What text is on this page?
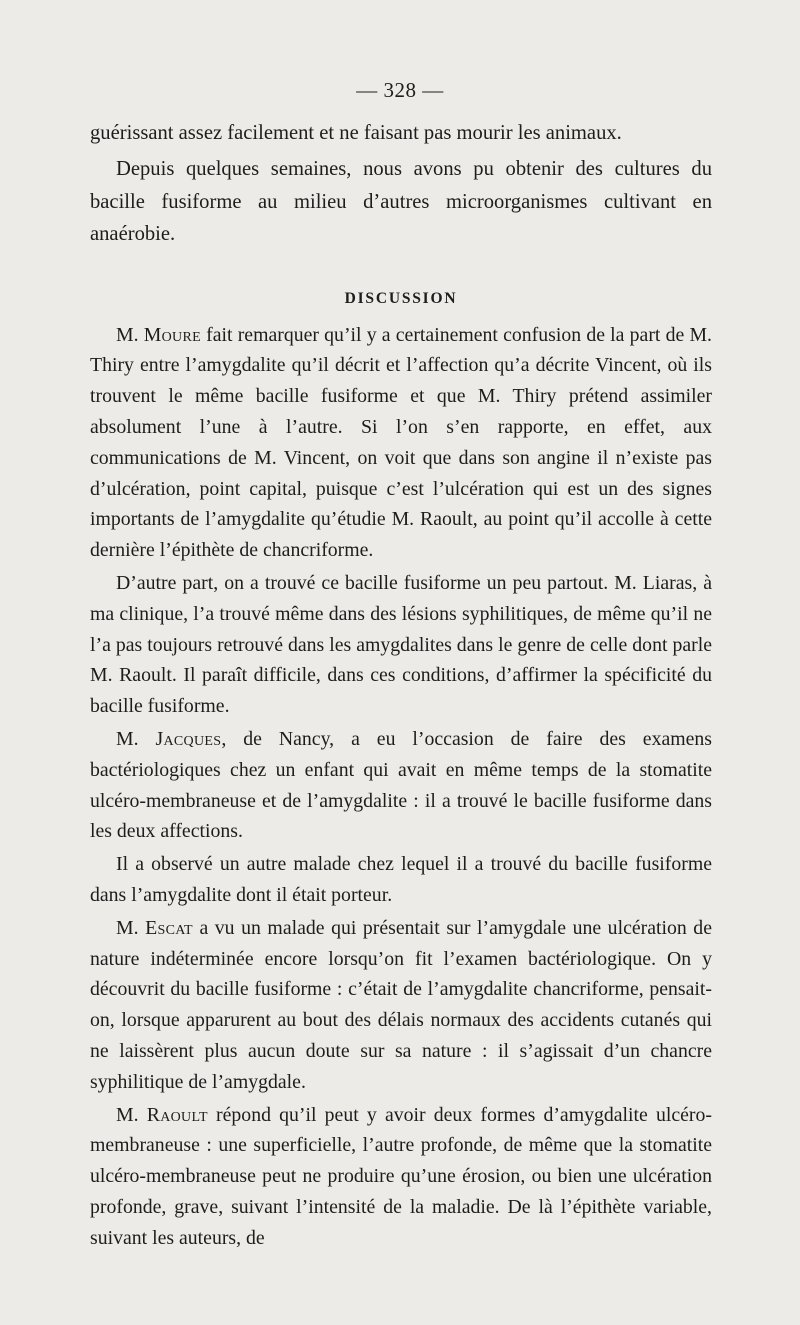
— 328 —

guérissant assez facilement et ne faisant pas mourir les animaux.

Depuis quelques semaines, nous avons pu obtenir des cultures du bacille fusiforme au milieu d’autres microorganismes cultivant en anaérobie.

DISCUSSION

M. Moure fait remarquer qu’il y a certainement confusion de la part de M. Thiry entre l’amygdalite qu’il décrit et l’affection qu’a décrite Vincent, où ils trouvent le même bacille fusiforme et que M. Thiry prétend assimiler absolument l’une à l’autre. Si l’on s’en rapporte, en effet, aux communications de M. Vincent, on voit que dans son angine il n’existe pas d’ulcération, point capital, puisque c’est l’ulcération qui est un des signes importants de l’amygdalite qu’étudie M. Raoult, au point qu’il accolle à cette dernière l’épithète de chancriforme.

D’autre part, on a trouvé ce bacille fusiforme un peu partout. M. Liaras, à ma clinique, l’a trouvé même dans des lésions syphilitiques, de même qu’il ne l’a pas toujours retrouvé dans les amygdalites dans le genre de celle dont parle M. Raoult. Il paraît difficile, dans ces conditions, d’affirmer la spécificité du bacille fusiforme.

M. Jacques, de Nancy, a eu l’occasion de faire des examens bactériologiques chez un enfant qui avait en même temps de la stomatite ulcéro-membraneuse et de l’amygdalite : il a trouvé le bacille fusiforme dans les deux affections.

Il a observé un autre malade chez lequel il a trouvé du bacille fusiforme dans l’amygdalite dont il était porteur.

M. Escat a vu un malade qui présentait sur l’amygdale une ulcération de nature indéterminée encore lorsqu’on fit l’examen bactériologique. On y découvrit du bacille fusiforme : c’était de l’amygdalite chancriforme, pensait-on, lorsque apparurent au bout des délais normaux des accidents cutanés qui ne laissèrent plus aucun doute sur sa nature : il s’agissait d’un chancre syphilitique de l’amygdale.

M. Raoult répond qu’il peut y avoir deux formes d’amygdalite ulcéro-membraneuse : une superficielle, l’autre profonde, de même que la stomatite ulcéro-membraneuse peut ne produire qu’une érosion, ou bien une ulcération profonde, grave, suivant l’intensité de la maladie. De là l’épithète variable, suivant les auteurs, de
